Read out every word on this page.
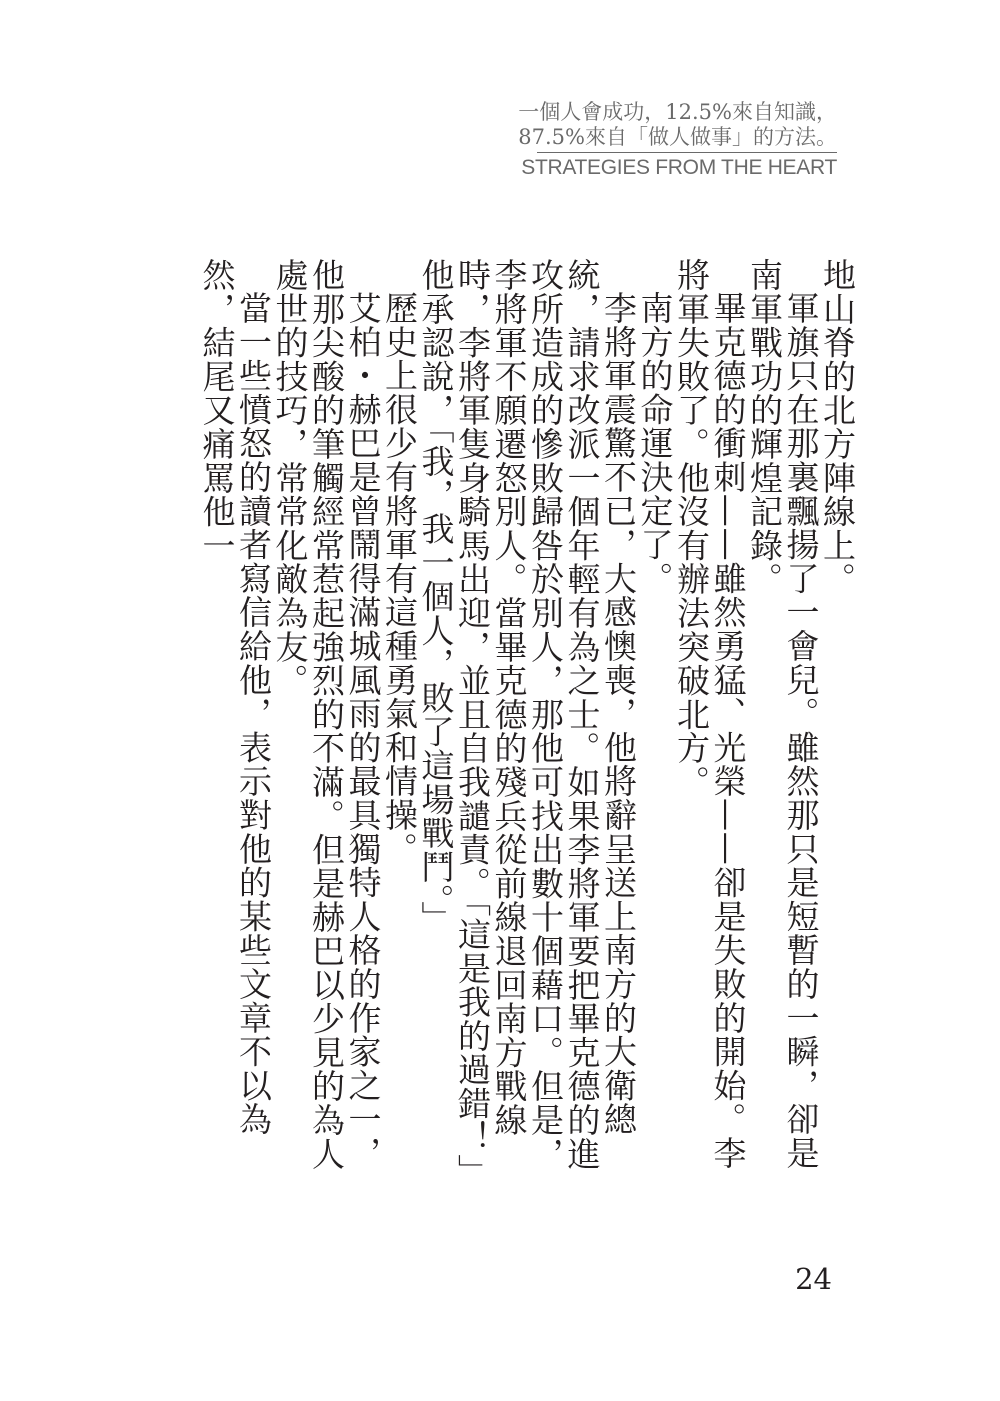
一個人會成功，12.5%來自知識，
87.5%來自「做人做事」的方法。
STRATEGIES FROM THE HEART

地山脊的北方陣線上。

軍旗只在那裏飄揚了一會兒。雖然那只是短暫的一瞬，卻是南軍戰功的輝煌記錄。

畢克德的衝刺——雖然勇猛、光榮——卻是失敗的開始。李將軍失敗了。他沒有辦法突破北方。

南方的命運決定了。

李將軍震驚不已，大感懊喪，他將辭呈送上南方的大衛總統，請求改派一個年輕有為之士。如果李將軍要把畢克德的進攻所造成的慘敗歸咎於別人，那他可找出數十個藉口。但是，李將軍不願遷怒別人。當畢克德的殘兵從前線退回南方戰線時，李將軍隻身騎馬出迎，並且自我譴責。「這是我的過錯！」他承認說，「我，我一個人，敗了這場戰鬥。」

歷史上很少有將軍有這種勇氣和情操。

艾柏・赫巴是曾鬧得滿城風雨的最具獨特人格的作家之一，他那尖酸的筆觸經常惹起強烈的不滿。但是赫巴以少見的為人處世的技巧，常常化敵為友。

當一些憤怒的讀者寫信給他，表示對他的某些文章不以為然，結尾又痛罵他一

24
